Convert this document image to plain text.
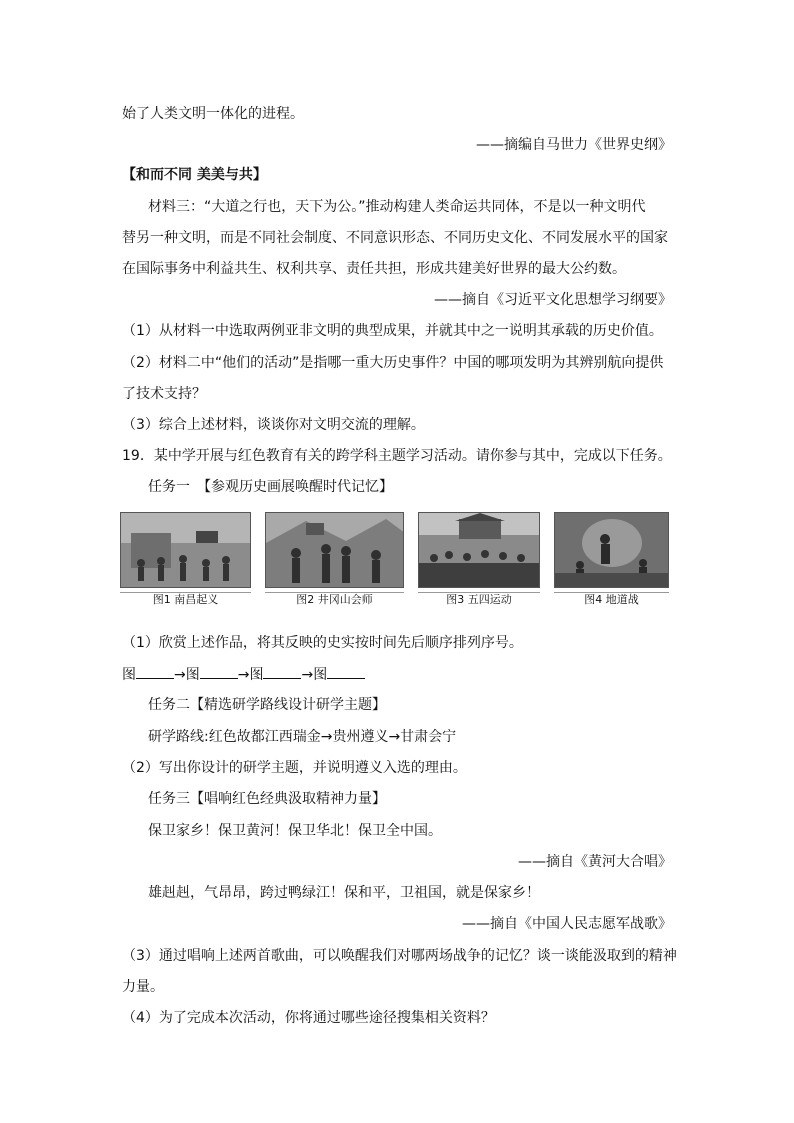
始了人类文明一体化的进程。
——摘编自马世力《世界史纲》
【和而不同 美美与共】
材料三：“大道之行也，天下为公。”推动构建人类命运共同体，不是以一种文明代
替另一种文明，而是不同社会制度、不同意识形态、不同历史文化、不同发展水平的国家
在国际事务中利益共生、权利共享、责任共担，形成共建美好世界的最大公约数。
——摘自《习近平文化思想学习纲要》
（1）从材料一中选取两例亚非文明的典型成果，并就其中之一说明其承载的历史价值。
（2）材料二中“他们的活动”是指哪一重大历史事件？中国的哪项发明为其辨别航向提供
了技术支持？
（3）综合上述材料，谈谈你对文明交流的理解。
19．某中学开展与红色教育有关的跨学科主题学习活动。请你参与其中，完成以下任务。
任务一　【参观历史画展唤醒时代记忆】
图1 南昌起义	图2 井冈山会师	图3 五四运动	图4 地道战
（1）欣赏上述作品，将其反映的史实按时间先后顺序排列序号。
图	→图	→图	→图
任务二【精选研学路线设计研学主题】
研学路线:红色故都江西瑞金→贵州遵义→甘肃会宁
（2）写出你设计的研学主题，并说明遵义入选的理由。
任务三【唱响红色经典汲取精神力量】
保卫家乡！保卫黄河！保卫华北！保卫全中国。
——摘自《黄河大合唱》
雄赳赳，气昂昂，跨过鸭绿江！保和平，卫祖国，就是保家乡！
——摘自《中国人民志愿军战歌》
（3）通过唱响上述两首歌曲，可以唤醒我们对哪两场战争的记忆？谈一谈能汲取到的精神
力量。
（4）为了完成本次活动，你将通过哪些途径搜集相关资料？
